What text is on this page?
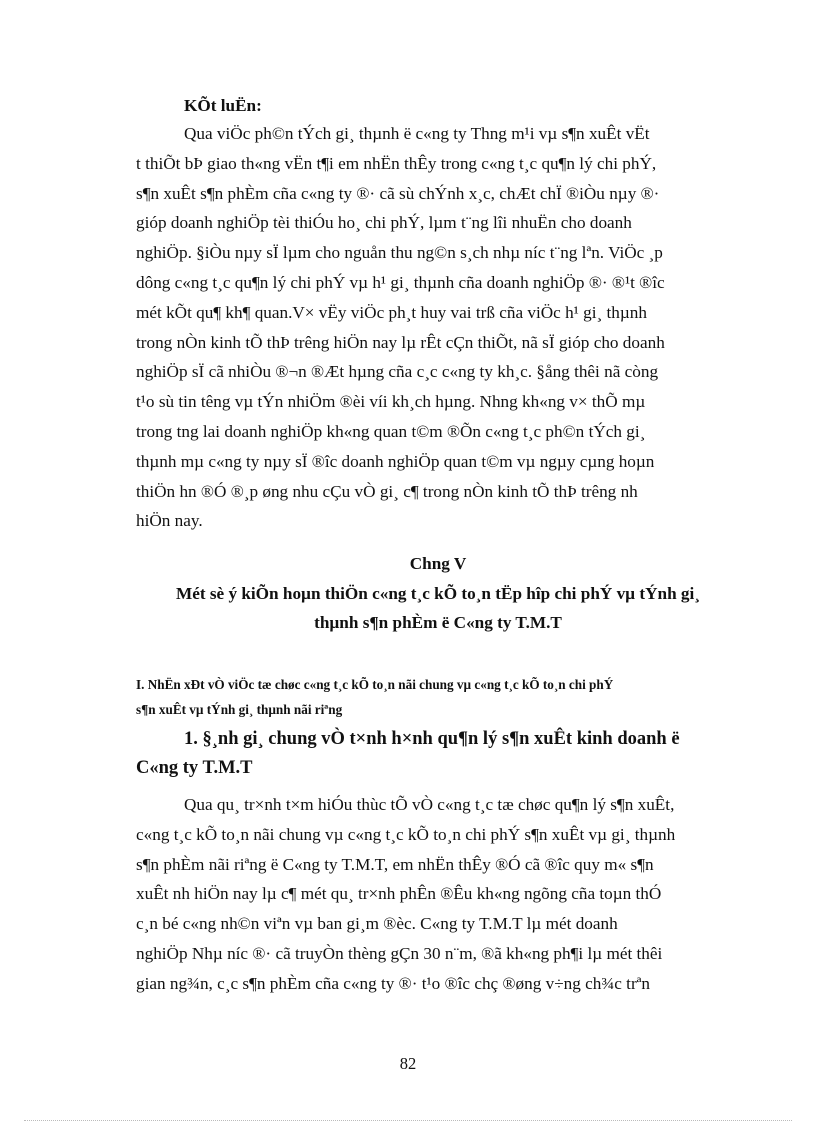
KÕt luËn:
Qua viÖc ph©n tÝch gi¸ thµnh ë c«ng ty Thng m¹i vµ s¶n xuÊt vËt
t thiÕt bÞ giao th«ng vËn t¶i em nhËn thÊy trong c«ng t¸c qu¶n lý chi phÝ,
s¶n xuÊt s¶n phÈm cña c«ng ty ®· cã sù chÝnh x¸c, chÆt chÏ ®iÒu nµy ®·
gióp doanh nghiÖp tèi thiÓu ho¸ chi phÝ, lµm t¨ng lîi nhuËn cho doanh
nghiÖp. §iÒu nµy sÏ lµm cho nguån thu ng©n s¸ch nhµ níc t¨ng lªn. ViÖc ¸p
dông c«ng t¸c qu¶n lý chi phÝ vµ h¹ gi¸ thµnh cña doanh nghiÖp ®· ®¹t ®îc
mét kÕt qu¶ kh¶ quan.V× vËy viÖc ph¸t huy vai trß cña viÖc h¹ gi¸ thµnh
trong nÒn kinh tÕ thÞ trêng hiÖn nay lµ rÊt cÇn thiÕt, nã sÏ gióp cho doanh
nghiÖp sÏ cã nhiÒu ®¬n ®Æt hµng cña c¸c c«ng ty kh¸c. §ång thêi nã còng
t¹o sù tin têng vµ tÝn nhiÖm ®èi víi kh¸ch hµng. Nhng kh«ng v× thÕ mµ
trong tng lai doanh nghiÖp kh«ng quan t©m ®Õn c«ng t¸c ph©n tÝch gi¸
thµnh mµ c«ng ty nµy sÏ ®îc doanh nghiÖp quan t©m vµ ngµy cµng hoµn
thiÖn hn ®Ó ®¸p øng nhu cÇu vÒ gi¸ c¶ trong nÒn kinh tÕ thÞ trêng nh
hiÖn nay.
Chng V
Mét sè ý kiÕn hoµn thiÖn c«ng t¸c kÕ to¸n tËp hîp chi phÝ vµ tÝnh gi¸
thµnh s¶n phÈm ë C«ng ty T.M.T
I. NhËn xÐt vÒ viÖc tæ chøc c«ng t¸c kÕ to¸n nãi chung vµ c«ng t¸c kÕ to¸n chi phÝ
s¶n xuÊt vµ tÝnh gi¸ thµnh nãi riªng
1. §¸nh gi¸ chung vÒ t×nh h×nh qu¶n lý s¶n xuÊt kinh doanh ë
C«ng ty T.M.T
Qua qu¸ tr×nh t×m hiÓu thùc tÕ vÒ c«ng t¸c tæ chøc qu¶n lý s¶n xuÊt,
c«ng t¸c kÕ to¸n nãi chung vµ c«ng t¸c kÕ to¸n chi phÝ s¶n xuÊt vµ gi¸ thµnh
s¶n phÈm nãi riªng ë C«ng ty T.M.T, em nhËn thÊy ®Ó cã ®îc quy m« s¶n
xuÊt nh hiÖn nay lµ c¶ mét qu¸ tr×nh phÊn ®Êu kh«ng ngõng cña toµn thÓ
c¸n bé c«ng nh©n viªn vµ ban gi¸m ®èc. C«ng ty T.M.T lµ mét doanh
nghiÖp Nhµ níc ®· cã truyÒn thèng gÇn 30 n¨m, ®ã kh«ng ph¶i lµ mét thêi
gian ng¾n, c¸c s¶n phÈm cña c«ng ty ®· t¹o ®îc chç ®øng v÷ng ch¾c trªn
82
